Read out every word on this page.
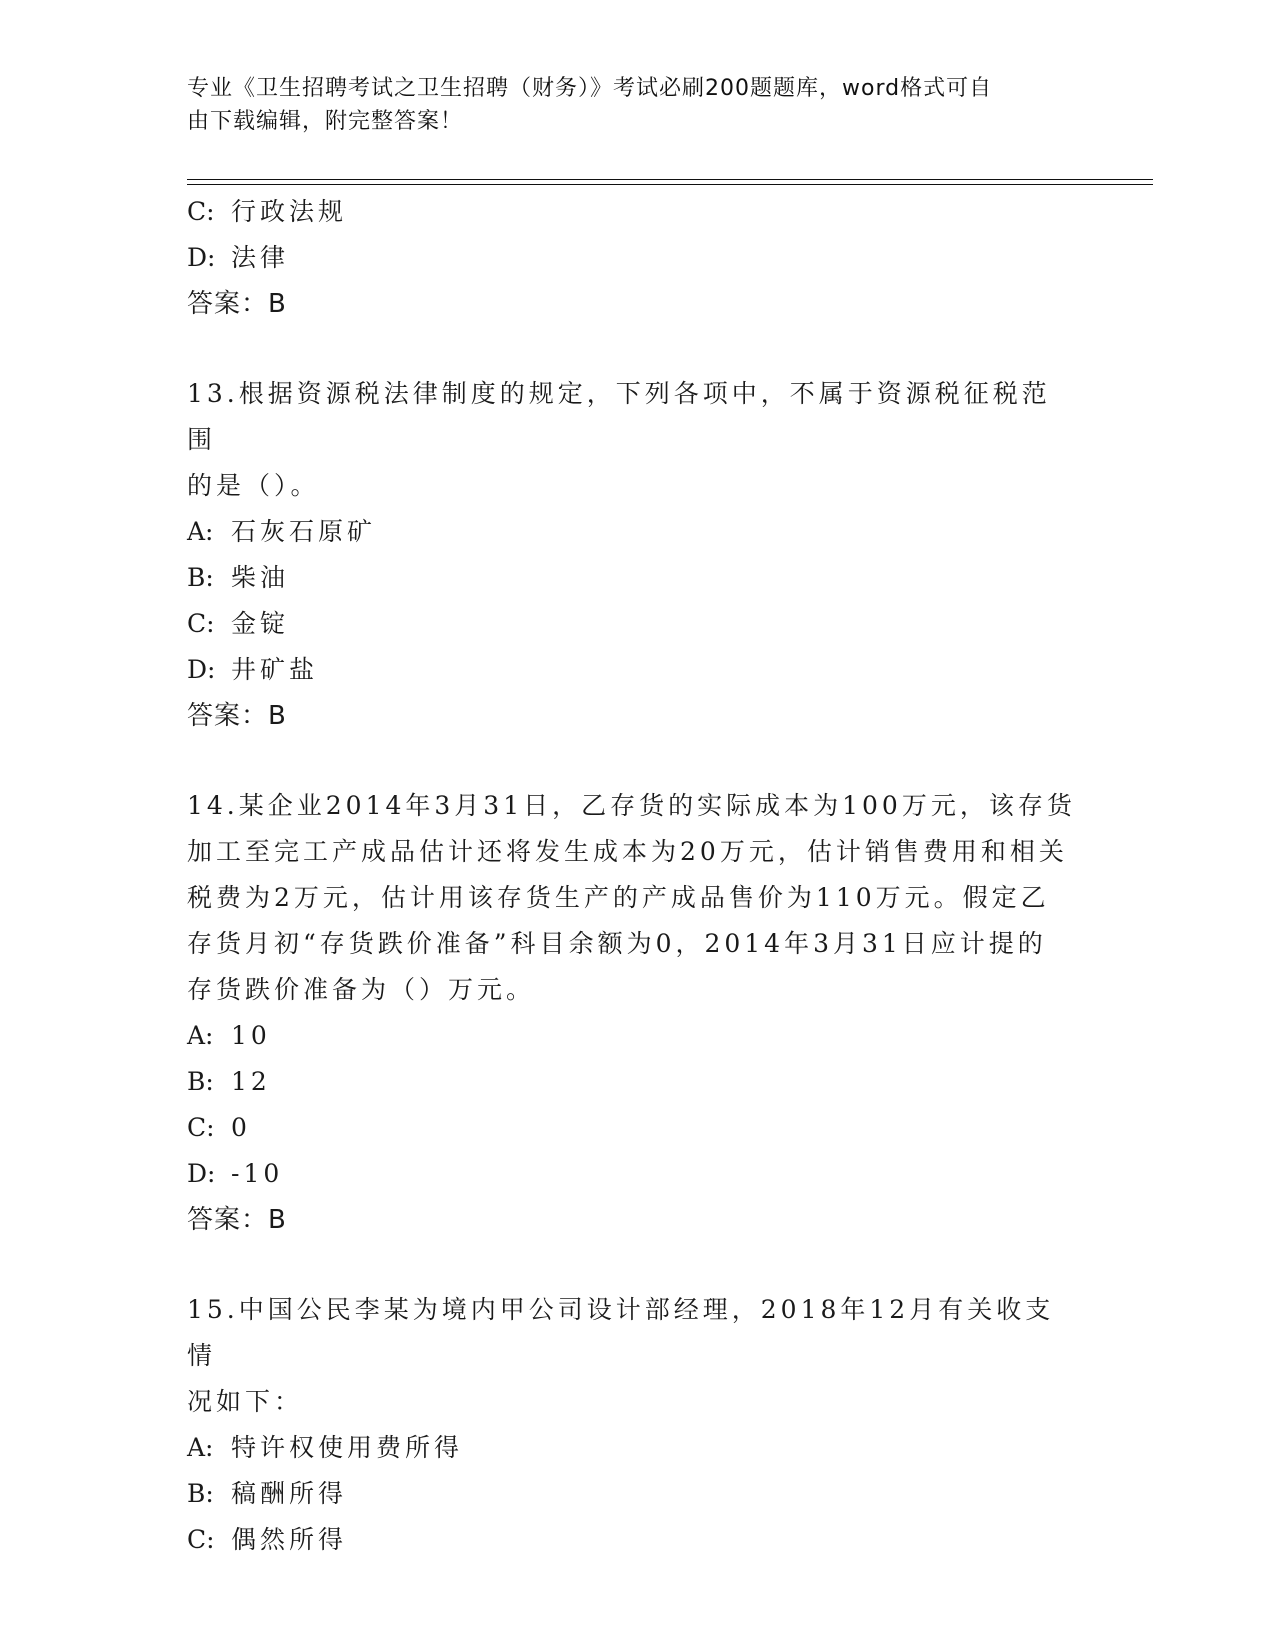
专业《卫生招聘考试之卫生招聘（财务）》考试必刷200题题库，word格式可自
由下载编辑，附完整答案！
C: 行政法规
D: 法律
答案：B
13.根据资源税法律制度的规定，下列各项中，不属于资源税征税范围
的是（）。
A: 石灰石原矿
B: 柴油
C: 金锭
D: 井矿盐
答案：B
14.某企业2014年3月31日，乙存货的实际成本为100万元，该存货
加工至完工产成品估计还将发生成本为20万元，估计销售费用和相关
税费为2万元，估计用该存货生产的产成品售价为110万元。假定乙
存货月初“存货跌价准备”科目余额为0，2014年3月31日应计提的
存货跌价准备为（）万元。
A: 10
B: 12
C: 0
D: -10
答案：B
15.中国公民李某为境内甲公司设计部经理，2018年12月有关收支情
况如下：
A: 特许权使用费所得
B: 稿酬所得
C: 偶然所得
